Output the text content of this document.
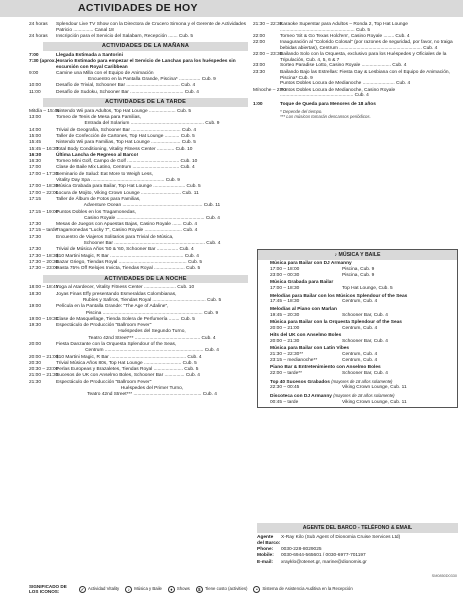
ACTIVIDADES DE HOY
24 horas	Splendour Live TV Show con la Directora de Crucero Simona y el Gerente de Actividades Patricio ............... Canal 18
24 horas	Inscripción para el Servicio del Salabarn, Recepción ....... Cub. 5
ACTIVIDADES DE LA MAÑANA
7:00	Llegada Estimada a Santorini
7:30 (aprox.)
Horario Estimado para empezar el Servicio de Lanchas para los huéspedes sin excursión con Royal Caribbean
9:00	Camine una Milla con el Equipo de Animación
Encuentro en la Pantalla Grande, Piscina* ................ Cub. 9
10:00	Desafío de Trivial, Schooner Bar ........................................ Cub. 4
11:00	Desafío de Sudoku, Schooner Bar ........................................ Cub. 4
ACTIVIDADES DE LA TARDE
Mitdía – 15:45
Nintendo Wii para Adultos, Top Hat Lounge .................... Cub. 5
13:00	Torneo de Tenis de Mesa para Familias,
Entrada del Solarium ....................................................... Cub. 9
14:00	Trivial de Geografía, Schooner Bar ..................................... Cub. 4
15:00	Taller de Confección de Cartones, Top Hat Lounge ........... Cub. 5
15:45	Nintendo Wii para Familias, Top Hat Lounge ...................... Cub. 5
15:45 – 16:30
Total Body Conditioning, Vitality Fitness Center ............. Cub. 10
16:30	Última Lancha de Regreso al Barco!
16:30	Torneo Mini Golf, Campo de Golf ....................................... Cub. 10
17:00	Clase de Baile Mix Latino, Centrum ................................... Cub. 4
17:00 – 17:30
Seminario de Salud: Eat More to Weigh Less,
Vitality Day Spa ....................................................... Cub. 9
17:00 – 18:30
Música Grabada para Bailar, Top Hat Lounge ........................ Cub. 5
17:00 – 22:00
Locura de Mojito, Viking Crown Lounge .............................. Cub. 11
17:15	Taller de Álbum de Fotos para Familias,
Adventure Ocean ............................................................ Cub. 11
17:15 – 19:00
Puntos Dobles en los Tragamonedas,
Casino Royale .................................................................. Cub. 4
17:30	Mesas de Juegos con Apuestas Bajas, Casino Royale ....... Cub. 4
17:15 – tarde
Tragamonedas "Lucky 7", Casino Royale ............................ Cub. 4
17:30	Encuentro de Viajeros Solitarios para Trivial de Música,
Schooner Bar .................................................................... Cub. 4
17:30	Trivial de Música Años '50 & '60, Schooner Bar ................ Cub. 4
17:30 – 18:30
$10 Martini Magic, R Bar ....................................................... Cub. 4
17:30 – 20:30
Bazar Griego, Tiendas Royal ................................................... Cub. 5
17:30 – 23:00
Hasta 75% Off Relojes Invicta, Tiendas Royal ....................... Cub. 5
ACTIVIDADES DE LA NOCHE
18:00 – 18:45
Yoga al Atardecer, Vitality Fitness Center ........................ Cub. 10
18:30	Joyas Finas Effy presentando Esmeraldas Colombianas,
Rubíes y Safiros, Tiendas Royal ........................................ Cub. 5
19:00	Película en la Pantalla Grande: "The Age of Adaline",
Piscina ........................................................................... Cub. 9
19:00 – 19:30
Clase de Masquellage, Tienda Solera de Perfumería ........ Cub. 5
19:30	Espectáculo de Producción "Ballroom Fever"
Huéspedes del Segundo Turno,
Teatro 42nd Street*** ................................................. Cub. 4
20:00	Fiesta Danzante con la Orquesta Splendour of the Seas,
Centrum .......................................................................... Cub. 4
20:00 – 21:00
$10 Martini Magic, R Bar ......................................................... Cub. 4
20:30	Trivial Música Años 80s, Top Hat Lounge ............................ Cub. 5
20:30 – 23:00
Perlas Europeas y Brazaletes, Tiendas Royal ...................... Cub. 5
21:00 – 21:30
Sucesos de UK con Anselmo Boles, Schooner Bar ............... Cub. 4
21:30	Espectáculo de Producción "Ballroom Fever"
Huéspedes del Primer Turno,
Teatro 42nd Street*** ................................................... Cub. 4
21:30 – 22:30
Karaoke Superstar para Adultos – Ronda 2, Top Hat Lounge ........................................................ Cub. 5
22:00	Torneo 'Sit & Go Texas Hold'em', Casino Royale ........ Cub. 4
22:00	Inauguración al "Colorido Colosal" (por razones de seguridad, por favor, no traiga bebidas abiertas), Centrum .............................................................. Cub. 4
22:00 – 23:30
Bailando Solo con la Orquesta, exclusivo para los Huéspedes y Oficiales de la Tripulación, Cub. 4, 5, 6 & 7
23:00	Sorteo Paradise Lotto, Casino Royale ...................... Cub. 4
23:30	Bailando Bajo las Estrellas: Fiesta Gay & Lesbiana con el Equipo de Animación, Piscina* Cub. 9
Puntos Dobles Locura de Medianoche ........................ Cub. 4
M/noche – 2:00
Puntos Dobles Locura de Medianoche, Casino Royale ....................................................... Cub. 4
1:00	Toque de Queda para Menores de 18 años
* Depende del tiempo.
*** Los músicos tomarán descansos periódicos.
♪ MÚSICA Y BAILE
Música para Bailar con DJ Armanny
17:00 – 18:00	Piscina, Cub. 9
23:00 – 00:30	Piscina, Cub. 9
Música Grabada para Bailar
17:00 – 18:30	Top Hat Lounge, Cub. 5
Melodías para Bailar con los Músicos Splendour of the Seas
17:45 – 18:30	Centrum, Cub. 4
Melodías al Piano con Marlan
19:45 – 20:30	Schooner Bar, Cub. 4
Música para Bailar con la Orquesta Splendour of the Seas
20:00 – 21:00	Centrum, Cub. 4
Hits del UK con Anselmo Boles
20:00 – 21:30	Schooner Bar, Cub. 4
Música para Bailar con Latin Vibes
21:30 – 22:30**	Centrum, Cub. 4
23:15 – medianoche**	Centrum, Cub. 4
Piano Bar & Entretenimiento con Anselmo Boles
22:00 – tarde**	Schooner Bar, Cub. 4
Top 40 Sucesos Grabados (mayores de 18 años solamente)
22:30 – 00:45	Viking Crown Lounge, Cub. 11
Discoteca con DJ Armanny (mayores de 18 años solamente)
00:45 – tarde	Viking Crown Lounge, Cub. 11
AGENTE DEL BARCO - TELÉFONO & EMAIL
Agente del Barco:
X-Ray Kilo (Sub Agent of Dionomia Cruise Services Ltd)
Phone:	0030-228-8029025
Mobile:	0030-6944-565601 / 0030-6977-701197
E-mail:	xrayklo@otenet.gr, marine@dionomis.gr
SIGNIFICADO DE LOS ICONOS:	✓ Actividad Vitality	♪	Música y Baile	♦	Shows	$ Tiene costo (activities)	•	Sistema de Asistencia Auditiva en la Recepción
SM0850D0330
